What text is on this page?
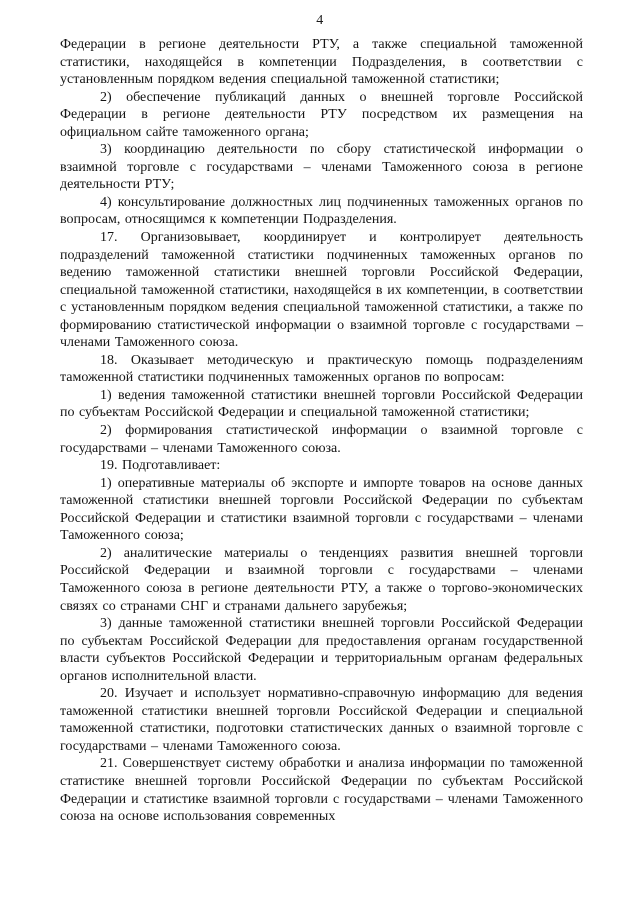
4

Федерации в регионе деятельности РТУ, а также специальной таможенной статистики, находящейся в компетенции Подразделения, в соответствии с установленным порядком ведения специальной таможенной статистики;

2) обеспечение публикаций данных о внешней торговле Российской Федерации в регионе деятельности РТУ посредством их размещения на официальном сайте таможенного органа;

3) координацию деятельности по сбору статистической информации о взаимной торговле с государствами – членами Таможенного союза в регионе деятельности РТУ;

4) консультирование должностных лиц подчиненных таможенных органов по вопросам, относящимся к компетенции Подразделения.

17. Организовывает, координирует и контролирует деятельность подразделений таможенной статистики подчиненных таможенных органов по ведению таможенной статистики внешней торговли Российской Федерации, специальной таможенной статистики, находящейся в их компетенции, в соответствии с установленным порядком ведения специальной таможенной статистики, а также по формированию статистической информации о взаимной торговле с государствами – членами Таможенного союза.

18. Оказывает методическую и практическую помощь подразделениям таможенной статистики подчиненных таможенных органов по вопросам:

1) ведения таможенной статистики внешней торговли Российской Федерации по субъектам Российской Федерации и специальной таможенной статистики;

2) формирования статистической информации о взаимной торговле с государствами – членами Таможенного союза.

19. Подготавливает:

1) оперативные материалы об экспорте и импорте товаров на основе данных таможенной статистики внешней торговли Российской Федерации по субъектам Российской Федерации и статистики взаимной торговли с государствами – членами Таможенного союза;

2) аналитические материалы о тенденциях развития внешней торговли Российской Федерации и взаимной торговли с государствами – членами Таможенного союза в регионе деятельности РТУ, а также о торгово-экономических связях со странами СНГ и странами дальнего зарубежья;

3) данные таможенной статистики внешней торговли Российской Федерации по субъектам Российской Федерации для предоставления органам государственной власти субъектов Российской Федерации и территориальным органам федеральных органов исполнительной власти.

20. Изучает и использует нормативно-справочную информацию для ведения таможенной статистики внешней торговли Российской Федерации и специальной таможенной статистики, подготовки статистических данных о взаимной торговле с государствами – членами Таможенного союза.

21. Совершенствует систему обработки и анализа информации по таможенной статистике внешней торговли Российской Федерации по субъектам Российской Федерации и статистике взаимной торговли с государствами – членами Таможенного союза на основе использования современных
